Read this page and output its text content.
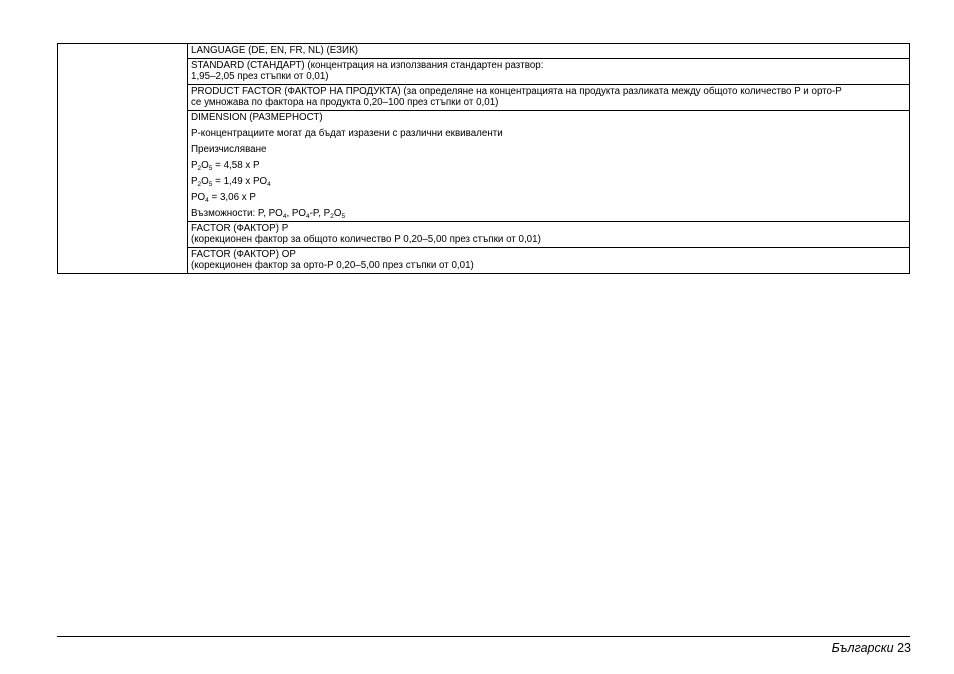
LANGUAGE (DE, EN, FR, NL) (ЕЗИК)

STANDARD (СТАНДАРТ) (концентрация на използвания стандартен разтвор:
1,95–2,05 през стъпки от 0,01)

PRODUCT FACTOR (ФАКТОР НА ПРОДУКТА) (за определяне на концентрацията на продукта разликата между общото количество P и орто-P
се умножава по фактора на продукта 0,20–100 през стъпки от 0,01)

DIMENSION (РАЗМЕРНОСТ)
P-концентрациите могат да бъдат изразени с различни еквиваленти
Преизчисляване
$P_2O_5 = 4,58$ x P
$P_2O_5 = 1,49$ x $PO_4$
$PO_4 = 3,06$ x P
Възможности: P, $PO_4$, $PO_4-P$, $P_2O_5$

FACTOR (ФАКТОР) P
(корекционен фактор за общото количество P 0,20–5,00 през стъпки от 0,01)

FACTOR (ФАКТОР) OP
(корекционен фактор за орто-P 0,20–5,00 през стъпки от 0,01)
Български 23
